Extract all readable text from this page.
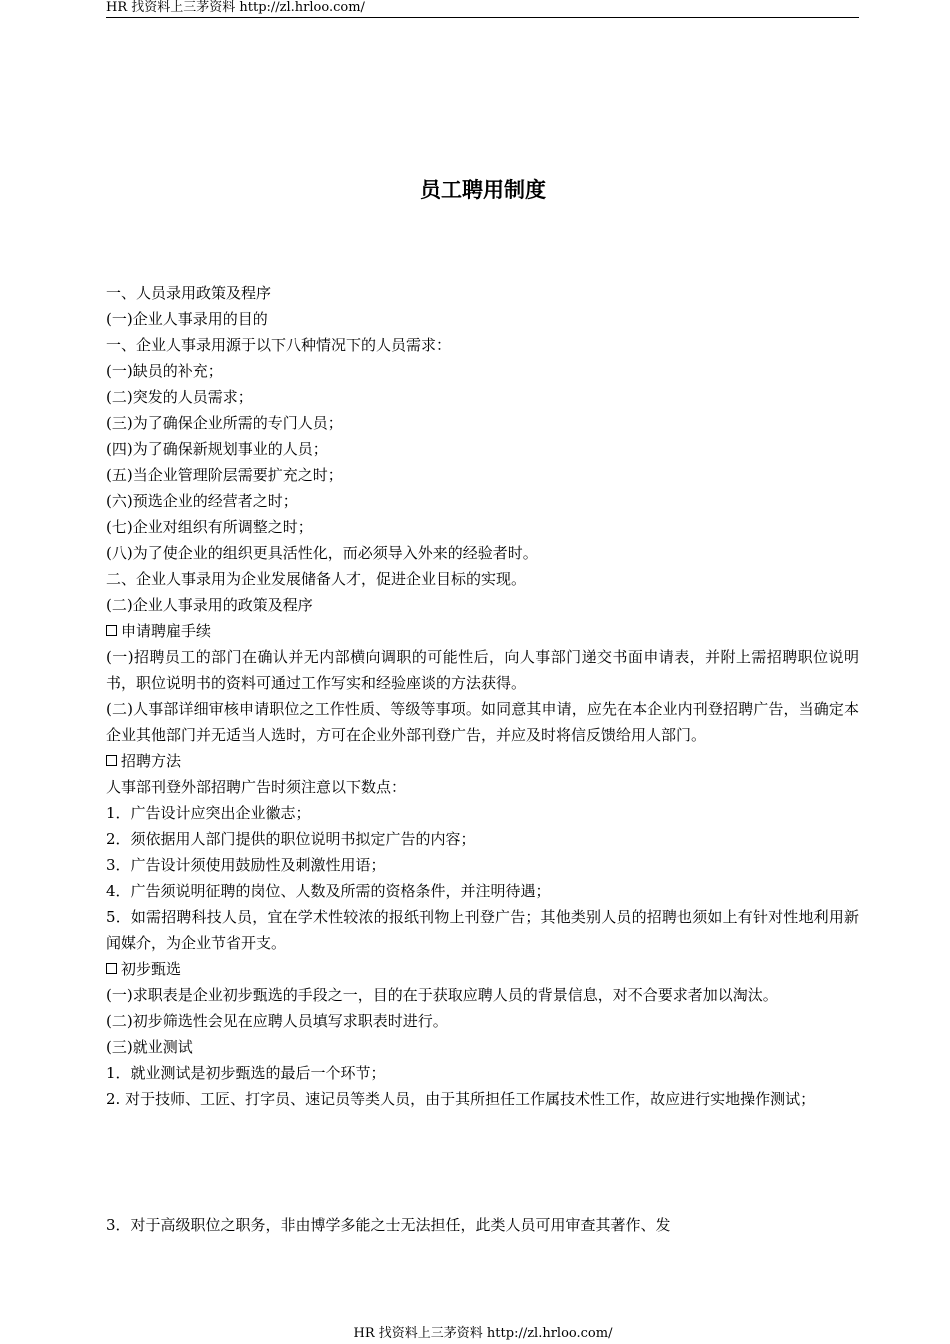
HR 找资料上三茅资料 http://zl.hrloo.com/
员工聘用制度
一、人员录用政策及程序
(一)企业人事录用的目的
一、企业人事录用源于以下八种情况下的人员需求：
(一)缺员的补充；
(二)突发的人员需求；
(三)为了确保企业所需的专门人员；
(四)为了确保新规划事业的人员；
(五)当企业管理阶层需要扩充之时；
(六)预选企业的经营者之时；
(七)企业对组织有所调整之时；
(八)为了使企业的组织更具活性化，而必须导入外来的经验者时。
二、企业人事录用为企业发展储备人才，促进企业目标的实现。
(二)企业人事录用的政策及程序
申请聘雇手续
(一)招聘员工的部门在确认并无内部横向调职的可能性后，向人事部门递交书面申请表，并附上需招聘职位说明书，职位说明书的资料可通过工作写实和经验座谈的方法获得。
(二)人事部详细审核申请职位之工作性质、等级等事项。如同意其申请，应先在本企业内刊登招聘广告，当确定本企业其他部门并无适当人选时，方可在企业外部刊登广告，并应及时将信反馈给用人部门。
招聘方法
人事部刊登外部招聘广告时须注意以下数点：
1．广告设计应突出企业徽志；
2．须依据用人部门提供的职位说明书拟定广告的内容；
3．广告设计须使用鼓励性及刺激性用语；
4．广告须说明征聘的岗位、人数及所需的资格条件，并注明待遇；
5．如需招聘科技人员，宜在学术性较浓的报纸刊物上刊登广告；其他类别人员的招聘也须如上有针对性地利用新闻媒介，为企业节省开支。
初步甄选
(一)求职表是企业初步甄选的手段之一，目的在于获取应聘人员的背景信息，对不合要求者加以淘汰。
(二)初步筛选性会见在应聘人员填写求职表时进行。
(三)就业测试
1．就业测试是初步甄选的最后一个环节；
2. 对于技师、工匠、打字员、速记员等类人员，由于其所担任工作属技术性工作，故应进行实地操作测试；
3．对于高级职位之职务，非由博学多能之士无法担任，此类人员可用审查其著作、发
HR 找资料上三茅资料 http://zl.hrloo.com/
